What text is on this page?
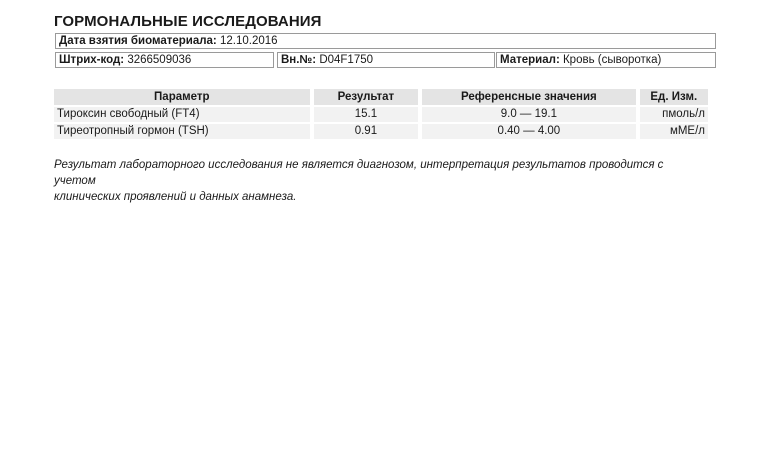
ГОРМОНАЛЬНЫЕ ИССЛЕДОВАНИЯ
Дата взятия биоматериала: 12.10.2016
Штрих-код: 3266509036	Вн.№: D04F1750	Материал: Кровь (сыворотка)
Параметр	Результат	Референсные значения	Ед. Изм.
Тироксин свободный (FT4)	15.1	9.0 — 19.1	пмоль/л
Тиреотропный гормон (TSH)	0.91	0.40 — 4.00	мМЕ/л
Результат лабораторного исследования не является диагнозом, интерпретация результатов проводится с учетом
клинических проявлений и данных анамнеза.
